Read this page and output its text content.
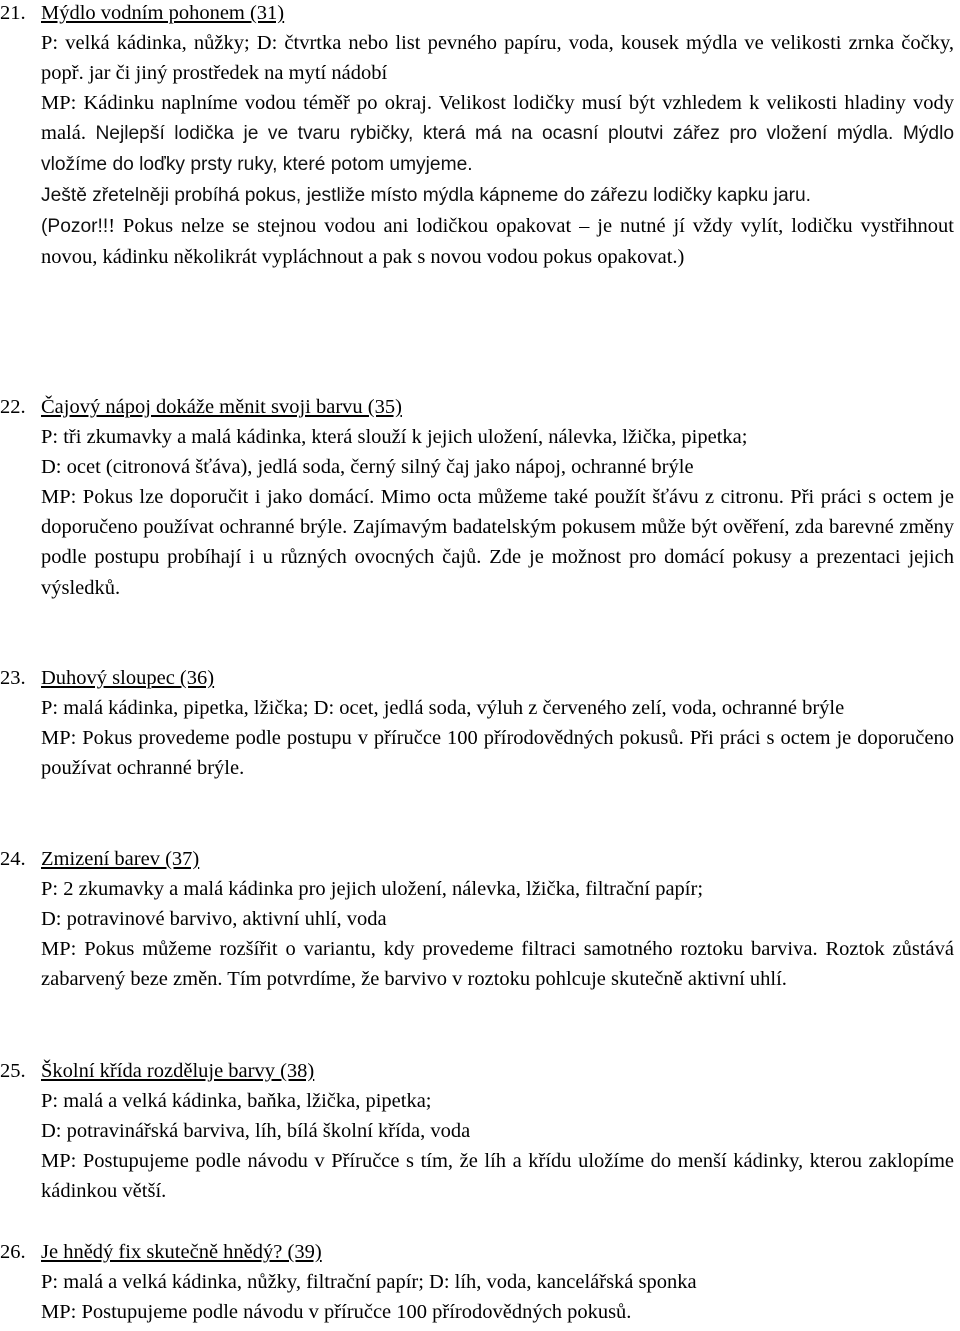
21. Mýdlo vodním pohonem (31)

P: velká kádinka, nůžky; D: čtvrtka nebo list pevného papíru, voda, kousek mýdla ve velikosti zrnka čočky, popř. jar či jiný prostředek na mytí nádobí

MP: Kádinku naplníme vodou téměř po okraj. Velikost lodičky musí být vzhledem k velikosti hladiny vody malá. Nejlepší lodička je ve tvaru rybičky, která má na ocasní ploutvi zářez pro vložení mýdla. Mýdlo vložíme do loďky prsty ruky, které potom umyjeme.

Ještě zřetelněji probíhá pokus, jestliže místo mýdla kápneme do zářezu lodičky kapku jaru.

(Pozor!!! Pokus nelze se stejnou vodou ani lodičkou opakovat – je nutné jí vždy vylít, lodičku vystřihnout novou, kádinku několikrát vypláchnout a pak s novou vodou pokus opakovat.)

22. Čajový nápoj dokáže měnit svoji barvu (35)

P: tři zkumavky a malá kádinka, která slouží k jejich uložení, nálevka, lžička, pipetka;

D: ocet (citronová šťáva), jedlá soda, černý silný čaj jako nápoj, ochranné brýle

MP: Pokus lze doporučit i jako domácí. Mimo octa můžeme také použít šťávu z citronu. Při práci s octem je doporučeno používat ochranné brýle. Zajímavým badatelským pokusem může být ověření, zda barevné změny podle postupu probíhají i u různých ovocných čajů. Zde je možnost pro domácí pokusy a prezentaci jejich výsledků.

23. Duhový sloupec (36)

P: malá kádinka, pipetka, lžička; D: ocet, jedlá soda, výluh z červeného zelí, voda, ochranné brýle

MP: Pokus provedeme podle postupu v příručce 100 přírodovědných pokusů. Při práci s octem je doporučeno používat ochranné brýle.

24. Zmizení barev (37)

P: 2 zkumavky a malá kádinka pro jejich uložení, nálevka, lžička, filtrační papír;

D: potravinové barvivo, aktivní uhlí, voda

MP: Pokus můžeme rozšířit o variantu, kdy provedeme filtraci samotného roztoku barviva. Roztok zůstává zabarvený beze změn. Tím potvrdíme, že barvivo v roztoku pohlcuje skutečně aktivní uhlí.

25. Školní křída rozděluje barvy (38)

P: malá a velká kádinka, baňka, lžička, pipetka;

D: potravinářská barviva, líh, bílá školní křída, voda

MP: Postupujeme podle návodu v Příručce s tím, že líh a křídu uložíme do menší kádinky, kterou zaklopíme kádinkou větší.

26. Je hnědý fix skutečně hnědý? (39)

P: malá a velká kádinka, nůžky, filtrační papír; D: líh, voda, kancelářská sponka

MP: Postupujeme podle návodu v příručce 100 přírodovědných pokusů.
